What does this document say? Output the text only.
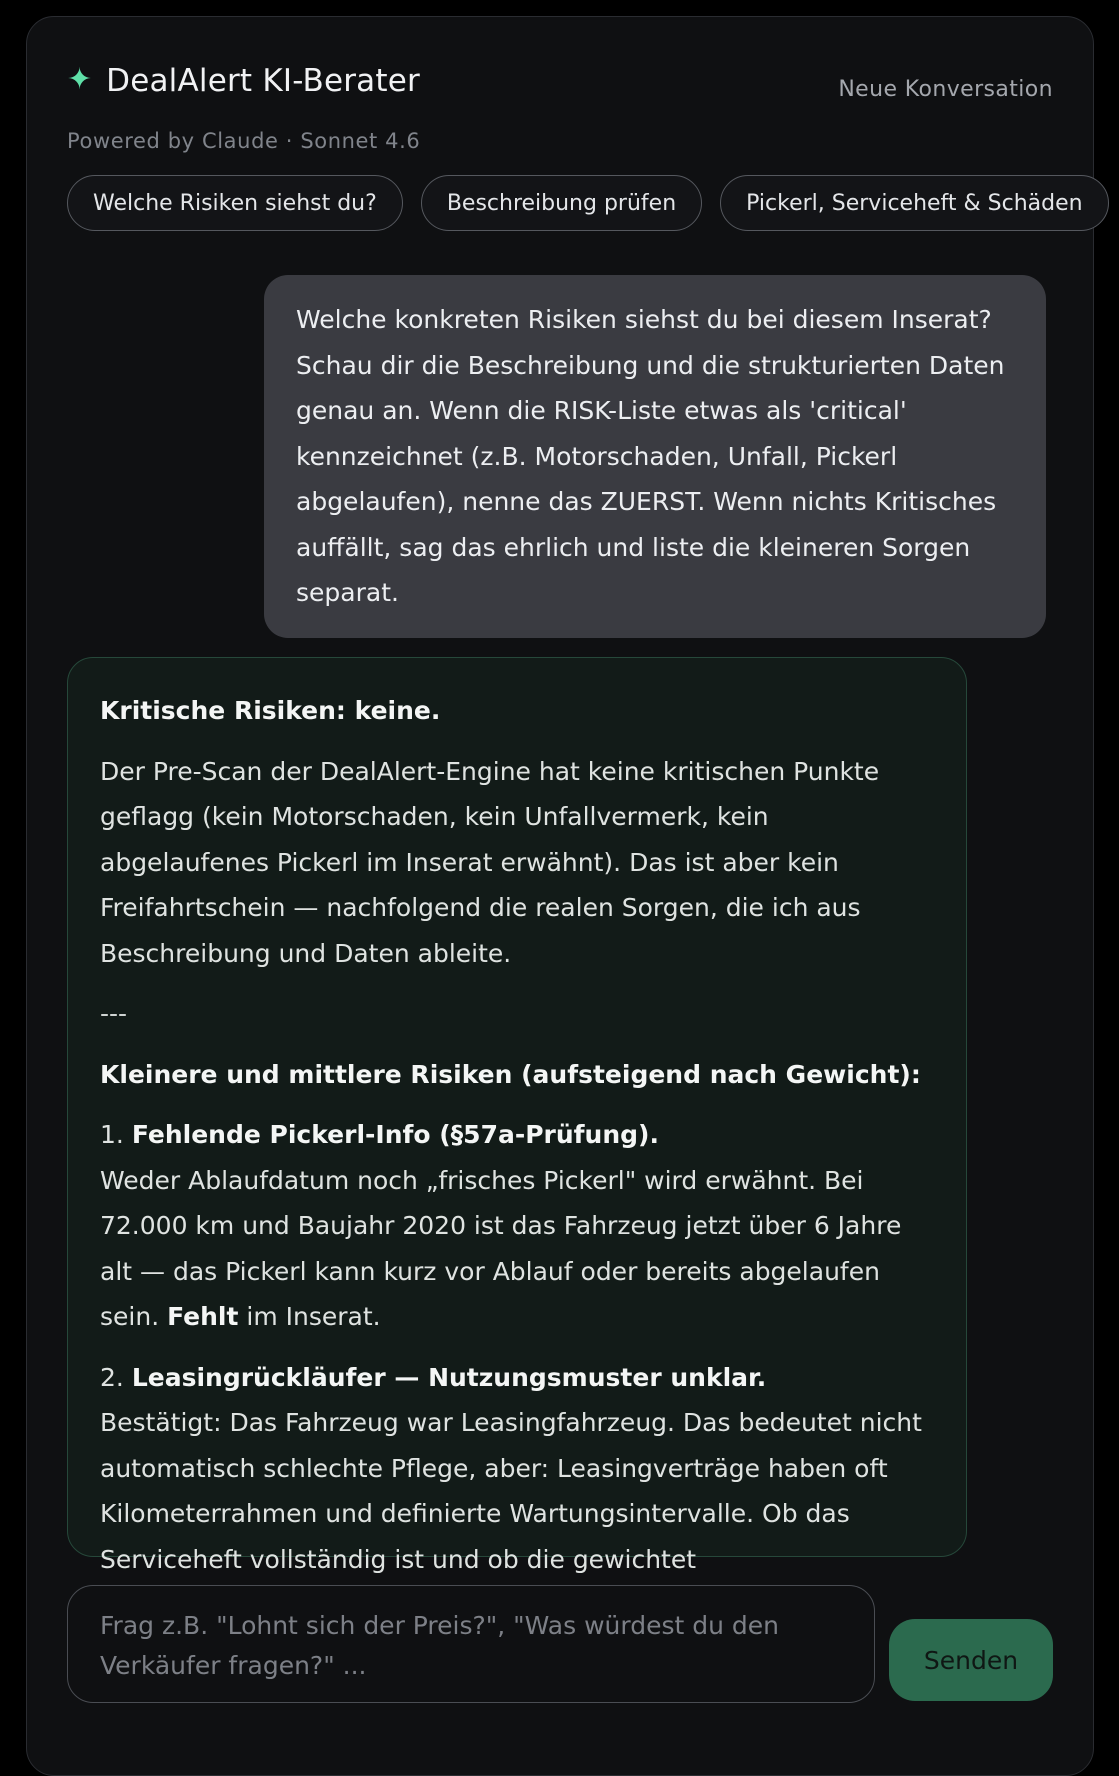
✦ DealAlert KI-Berater
Powered by Claude · Sonnet 4.6
Neue Konversation
Welche Risiken siehst du?	Beschreibung prüfen	Pickerl, Serviceheft & Schäden
Welche konkreten Risiken siehst du bei diesem Inserat? Schau dir die Beschreibung und die strukturierten Daten genau an. Wenn die RISK-Liste etwas als 'critical' kennzeichnet (z.B. Motorschaden, Unfall, Pickerl abgelaufen), nenne das ZUERST. Wenn nichts Kritisches auffällt, sag das ehrlich und liste die kleineren Sorgen separat.

Kritische Risiken: keine.

Der Pre-Scan der DealAlert-Engine hat keine kritischen Punkte geflagg (kein Motorschaden, kein Unfallvermerk, kein abgelaufenes Pickerl im Inserat erwähnt). Das ist aber kein Freifahrtschein — nachfolgend die realen Sorgen, die ich aus Beschreibung und Daten ableite.

---

Kleinere und mittlere Risiken (aufsteigend nach Gewicht):

1. Fehlende Pickerl-Info (§57a-Prüfung).
Weder Ablaufdatum noch „frisches Pickerl" wird erwähnt. Bei 72.000 km und Baujahr 2020 ist das Fahrzeug jetzt über 6 Jahre alt — das Pickerl kann kurz vor Ablauf oder bereits abgelaufen sein. Fehlt im Inserat.

2. Leasingrückläufer — Nutzungsmuster unklar.
Bestätigt: Das Fahrzeug war Leasingfahrzeug. Das bedeutet nicht automatisch schlechte Pflege, aber: Leasingverträge haben oft Kilometerrahmen und definierte Wartungsintervalle. Ob das Serviceheft vollständig ist und ob die gewichtet

Frag z.B. "Lohnt sich der Preis?", "Was würdest du den Verkäufer fragen?" ...
Senden
